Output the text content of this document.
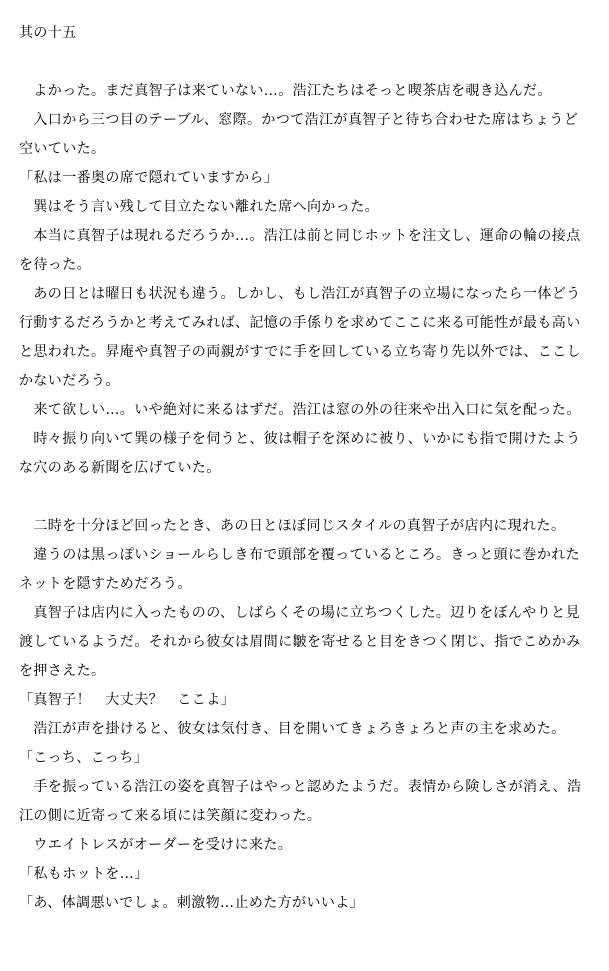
其の十五
　よかった。まだ真智子は来ていない…。浩江たちはそっと喫茶店を覗き込んだ。
　入口から三つ目のテーブル、窓際。かつて浩江が真智子と待ち合わせた席はちょうど
空いていた。
「私は一番奥の席で隠れていますから」
　巽はそう言い残して目立たない離れた席へ向かった。
　本当に真智子は現れるだろうか…。浩江は前と同じホットを注文し、運命の輪の接点
を待った。
　あの日とは曜日も状況も違う。しかし、もし浩江が真智子の立場になったら一体どう
行動するだろうかと考えてみれば、記憶の手係りを求めてここに来る可能性が最も高い
と思われた。昇庵や真智子の両親がすでに手を回している立ち寄り先以外では、ここし
かないだろう。
　来て欲しい…。いや絶対に来るはずだ。浩江は窓の外の往来や出入口に気を配った。
　時々振り向いて巽の様子を伺うと、彼は帽子を深めに被り、いかにも指で開けたよう
な穴のある新聞を広げていた。
　二時を十分ほど回ったとき、あの日とほぼ同じスタイルの真智子が店内に現れた。
　違うのは黒っぽいショールらしき布で頭部を覆っているところ。きっと頭に巻かれた
ネットを隠すためだろう。
　真智子は店内に入ったものの、しばらくその場に立ちつくした。辺りをぼんやりと見
渡しているようだ。それから彼女は眉間に皺を寄せると目をきつく閉じ、指でこめかみ
を押さえた。
「真智子！　大丈夫？　ここよ」
　浩江が声を掛けると、彼女は気付き、目を開いてきょろきょろと声の主を求めた。
「こっち、こっち」
　手を振っている浩江の姿を真智子はやっと認めたようだ。表情から険しさが消え、浩
江の側に近寄って来る頃には笑顔に変わった。
　ウエイトレスがオーダーを受けに来た。
「私もホットを…」
「あ、体調悪いでしょ。刺激物…止めた方がいいよ」
